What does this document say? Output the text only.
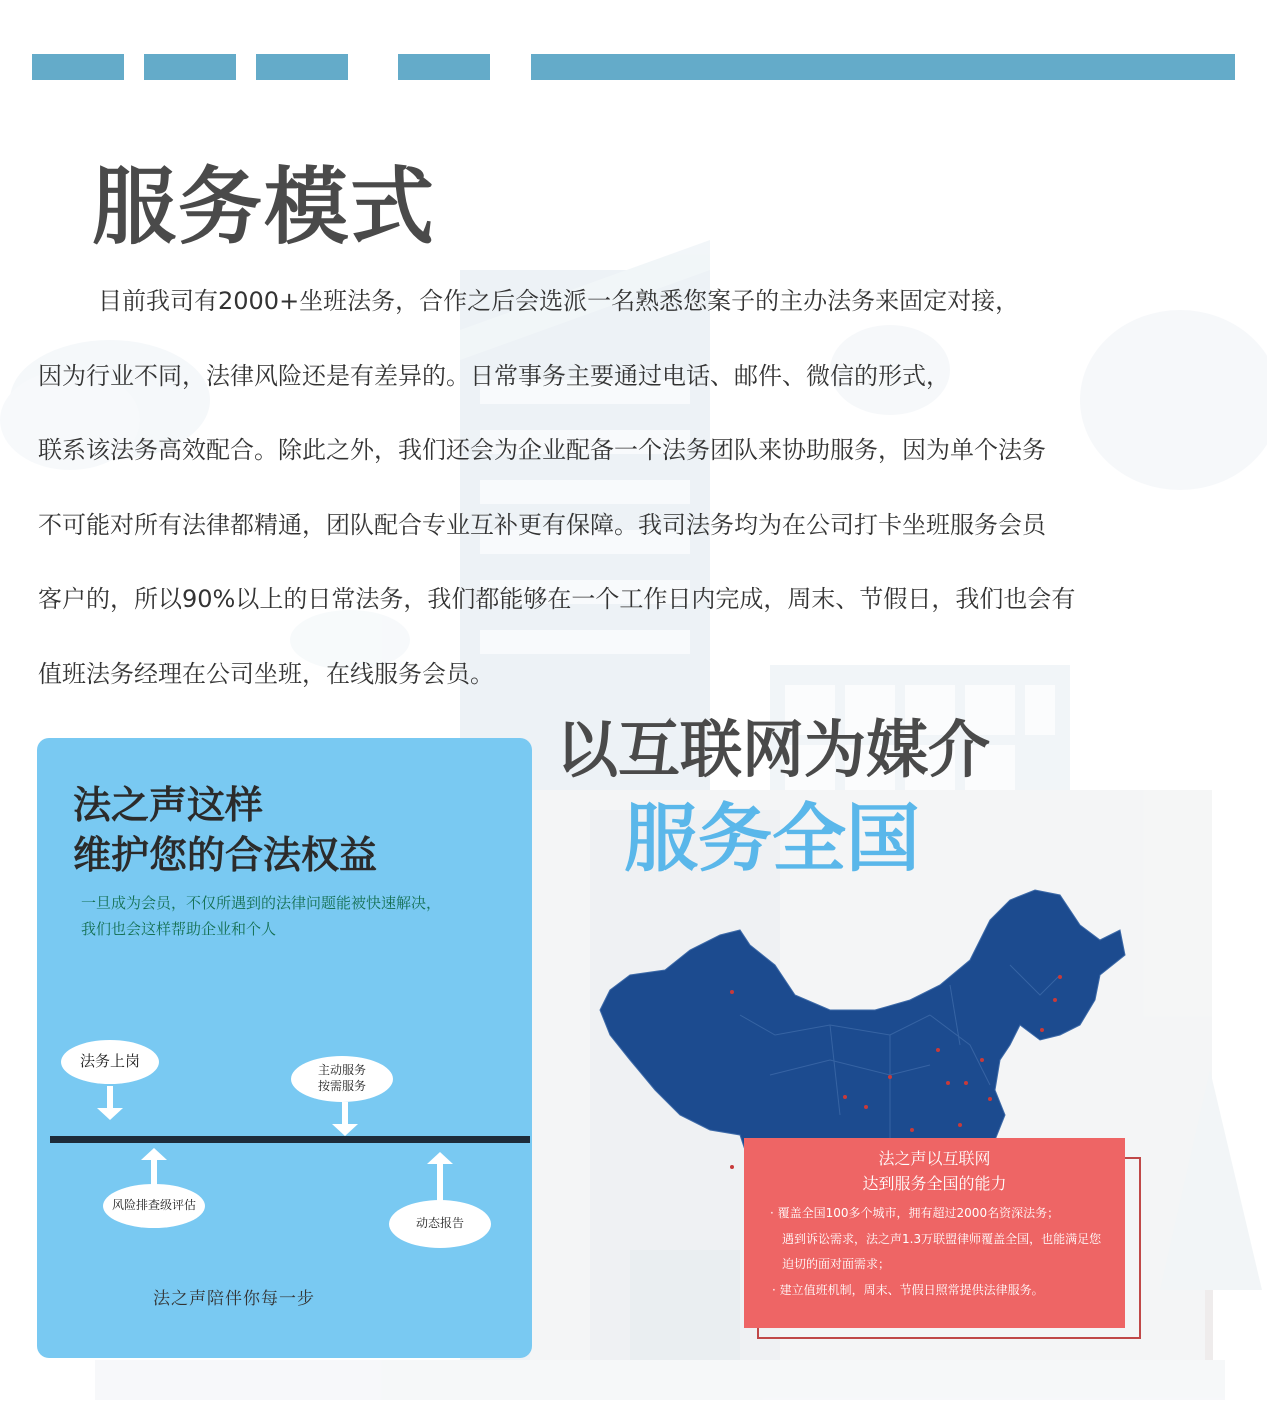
服务模式

目前我司有2000+坐班法务，合作之后会选派一名熟悉您案子的主办法务来固定对接，

因为行业不同，法律风险还是有差异的。日常事务主要通过电话、邮件、微信的形式，

联系该法务高效配合。除此之外，我们还会为企业配备一个法务团队来协助服务，因为单个法务

不可能对所有法律都精通，团队配合专业互补更有保障。我司法务均为在公司打卡坐班服务会员

客户的，所以90%以上的日常法务，我们都能够在一个工作日内完成，周末、节假日，我们也会有

值班法务经理在公司坐班，在线服务会员。

法之声这样
维护您的合法权益

一旦成为会员，不仅所遇到的法律问题能被快速解决，

我们也会这样帮助企业和个人

法务上岗
主动服务
按需服务
风险排查级评估
动态报告

法之声陪伴你每一步

以互联网为媒介
服务全国

法之声以互联网

达到服务全国的能力

· 覆盖全国100多个城市，拥有超过2000名资深法务；

遇到诉讼需求，法之声1.3万联盟律师覆盖全国，也能满足您

迫切的面对面需求；

· 建立值班机制，周末、节假日照常提供法律服务。
